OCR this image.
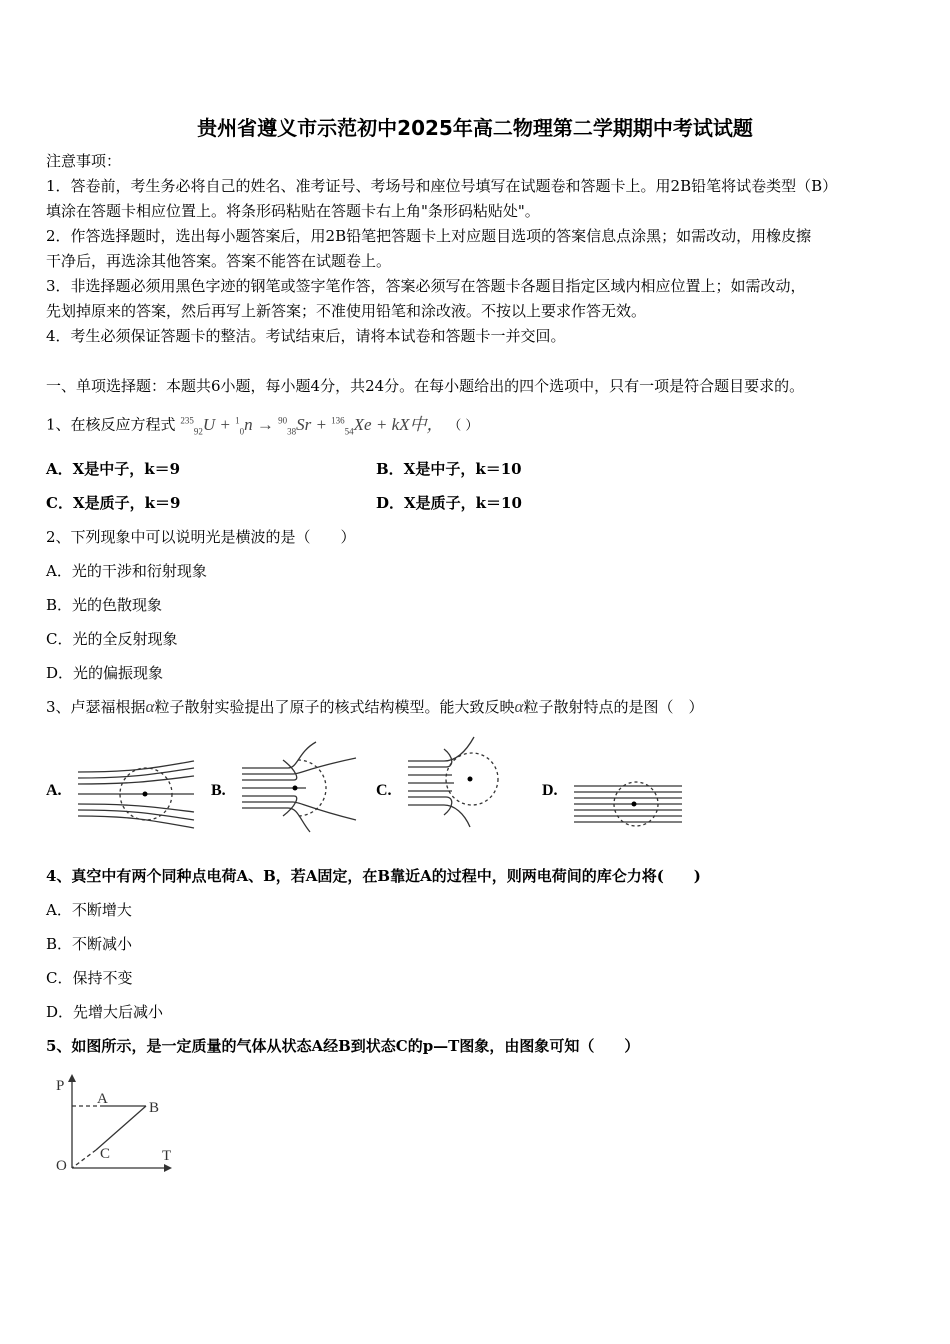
贵州省遵义市示范初中2025年高二物理第二学期期中考试试题
注意事项：
1．答卷前，考生务必将自己的姓名、准考证号、考场号和座位号填写在试题卷和答题卡上。用2B铅笔将试卷类型（B）
填涂在答题卡相应位置上。将条形码粘贴在答题卡右上角"条形码粘贴处"。
2．作答选择题时，选出每小题答案后，用2B铅笔把答题卡上对应题目选项的答案信息点涂黑；如需改动，用橡皮擦
干净后，再选涂其他答案。答案不能答在试题卷上。
3．非选择题必须用黑色字迹的钢笔或签字笔作答，答案必须写在答题卡各题目指定区域内相应位置上；如需改动，
先划掉原来的答案，然后再写上新答案；不准使用铅笔和涂改液。不按以上要求作答无效。
4．考生必须保证答题卡的整洁。考试结束后，请将本试卷和答题卡一并交回。
一、单项选择题：本题共6小题，每小题4分，共24分。在每小题给出的四个选项中，只有一项是符合题目要求的。
1、在核反应方程式 $^{235}_{92}$U + $^1_0$n → $^{90}_{38}$Sr + $^{136}_{54}$Xe + kX中， （ ）
A．X是中子，k＝9	B．X是中子，k＝10
C．X是质子，k＝9	D．X是质子，k＝10
2、下列现象中可以说明光是横波的是（　　）
A．光的干涉和衍射现象
B．光的色散现象
C．光的全反射现象
D．光的偏振现象
3、卢瑟福根据α粒子散射实验提出了原子的核式结构模型。能大致反映α粒子散射特点的是图（　）
A.	B.	C.	D.
4、真空中有两个同种点电荷A、B，若A固定，在B靠近A的过程中，则两电荷间的库仑力将(　　)
A．不断增大
B．不断减小
C．保持不变
D．先增大后减小
5、如图所示，是一定质量的气体从状态A经B到状态C的p—T图象，由图象可知（　　）
P
T
O
A
B
C
